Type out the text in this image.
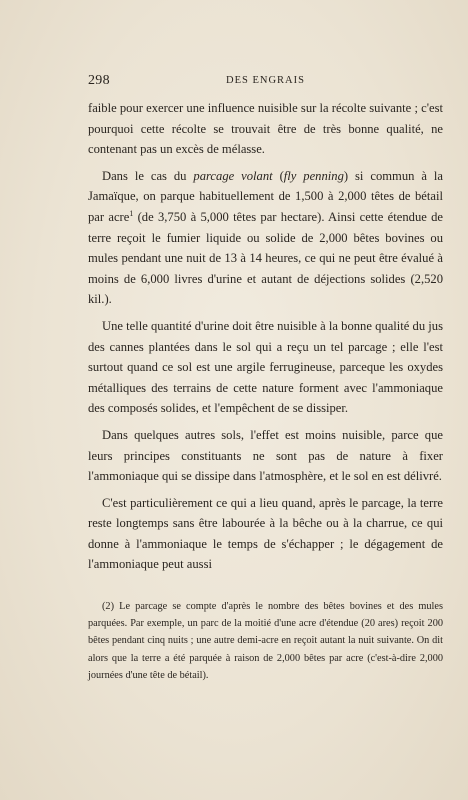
298	DES ENGRAIS

faible pour exercer une influence nuisible sur la récolte suivante ; c'est pourquoi cette récolte se trouvait être de très bonne qualité, ne contenant pas un excès de mélasse.

Dans le cas du parcage volant (fly penning) si commun à la Jamaïque, on parque habituellement de 1,500 à 2,000 têtes de bétail par acre$^1$ (de 3,750 à 5,000 têtes par hectare). Ainsi cette étendue de terre reçoit le fumier liquide ou solide de 2,000 bêtes bovines ou mules pendant une nuit de 13 à 14 heures, ce qui ne peut être évalué à moins de 6,000 livres d'urine et autant de déjections solides (2,520 kil.).

Une telle quantité d'urine doit être nuisible à la bonne qualité du jus des cannes plantées dans le sol qui a reçu un tel parcage ; elle l'est surtout quand ce sol est une argile ferrugineuse, parceque les oxydes métalliques des terrains de cette nature forment avec l'ammoniaque des composés solides, et l'empêchent de se dissiper.

Dans quelques autres sols, l'effet est moins nuisible, parce que leurs principes constituants ne sont pas de nature à fixer l'ammoniaque qui se dissipe dans l'atmosphère, et le sol en est délivré.

C'est particulièrement ce qui a lieu quand, après le parcage, la terre reste longtemps sans être labourée à la bêche ou à la charrue, ce qui donne à l'ammoniaque le temps de s'échapper ; le dégagement de l'ammoniaque peut aussi

(2) Le parcage se compte d'après le nombre des bêtes bovines et des mules parquées. Par exemple, un parc de la moitié d'une acre d'étendue (20 ares) reçoit 200 bêtes pendant cinq nuits ; une autre demi-acre en reçoit autant la nuit suivante. On dit alors que la terre a été parquée à raison de 2,000 bêtes par acre (c'est-à-dire 2,000 journées d'une tête de bétail).
